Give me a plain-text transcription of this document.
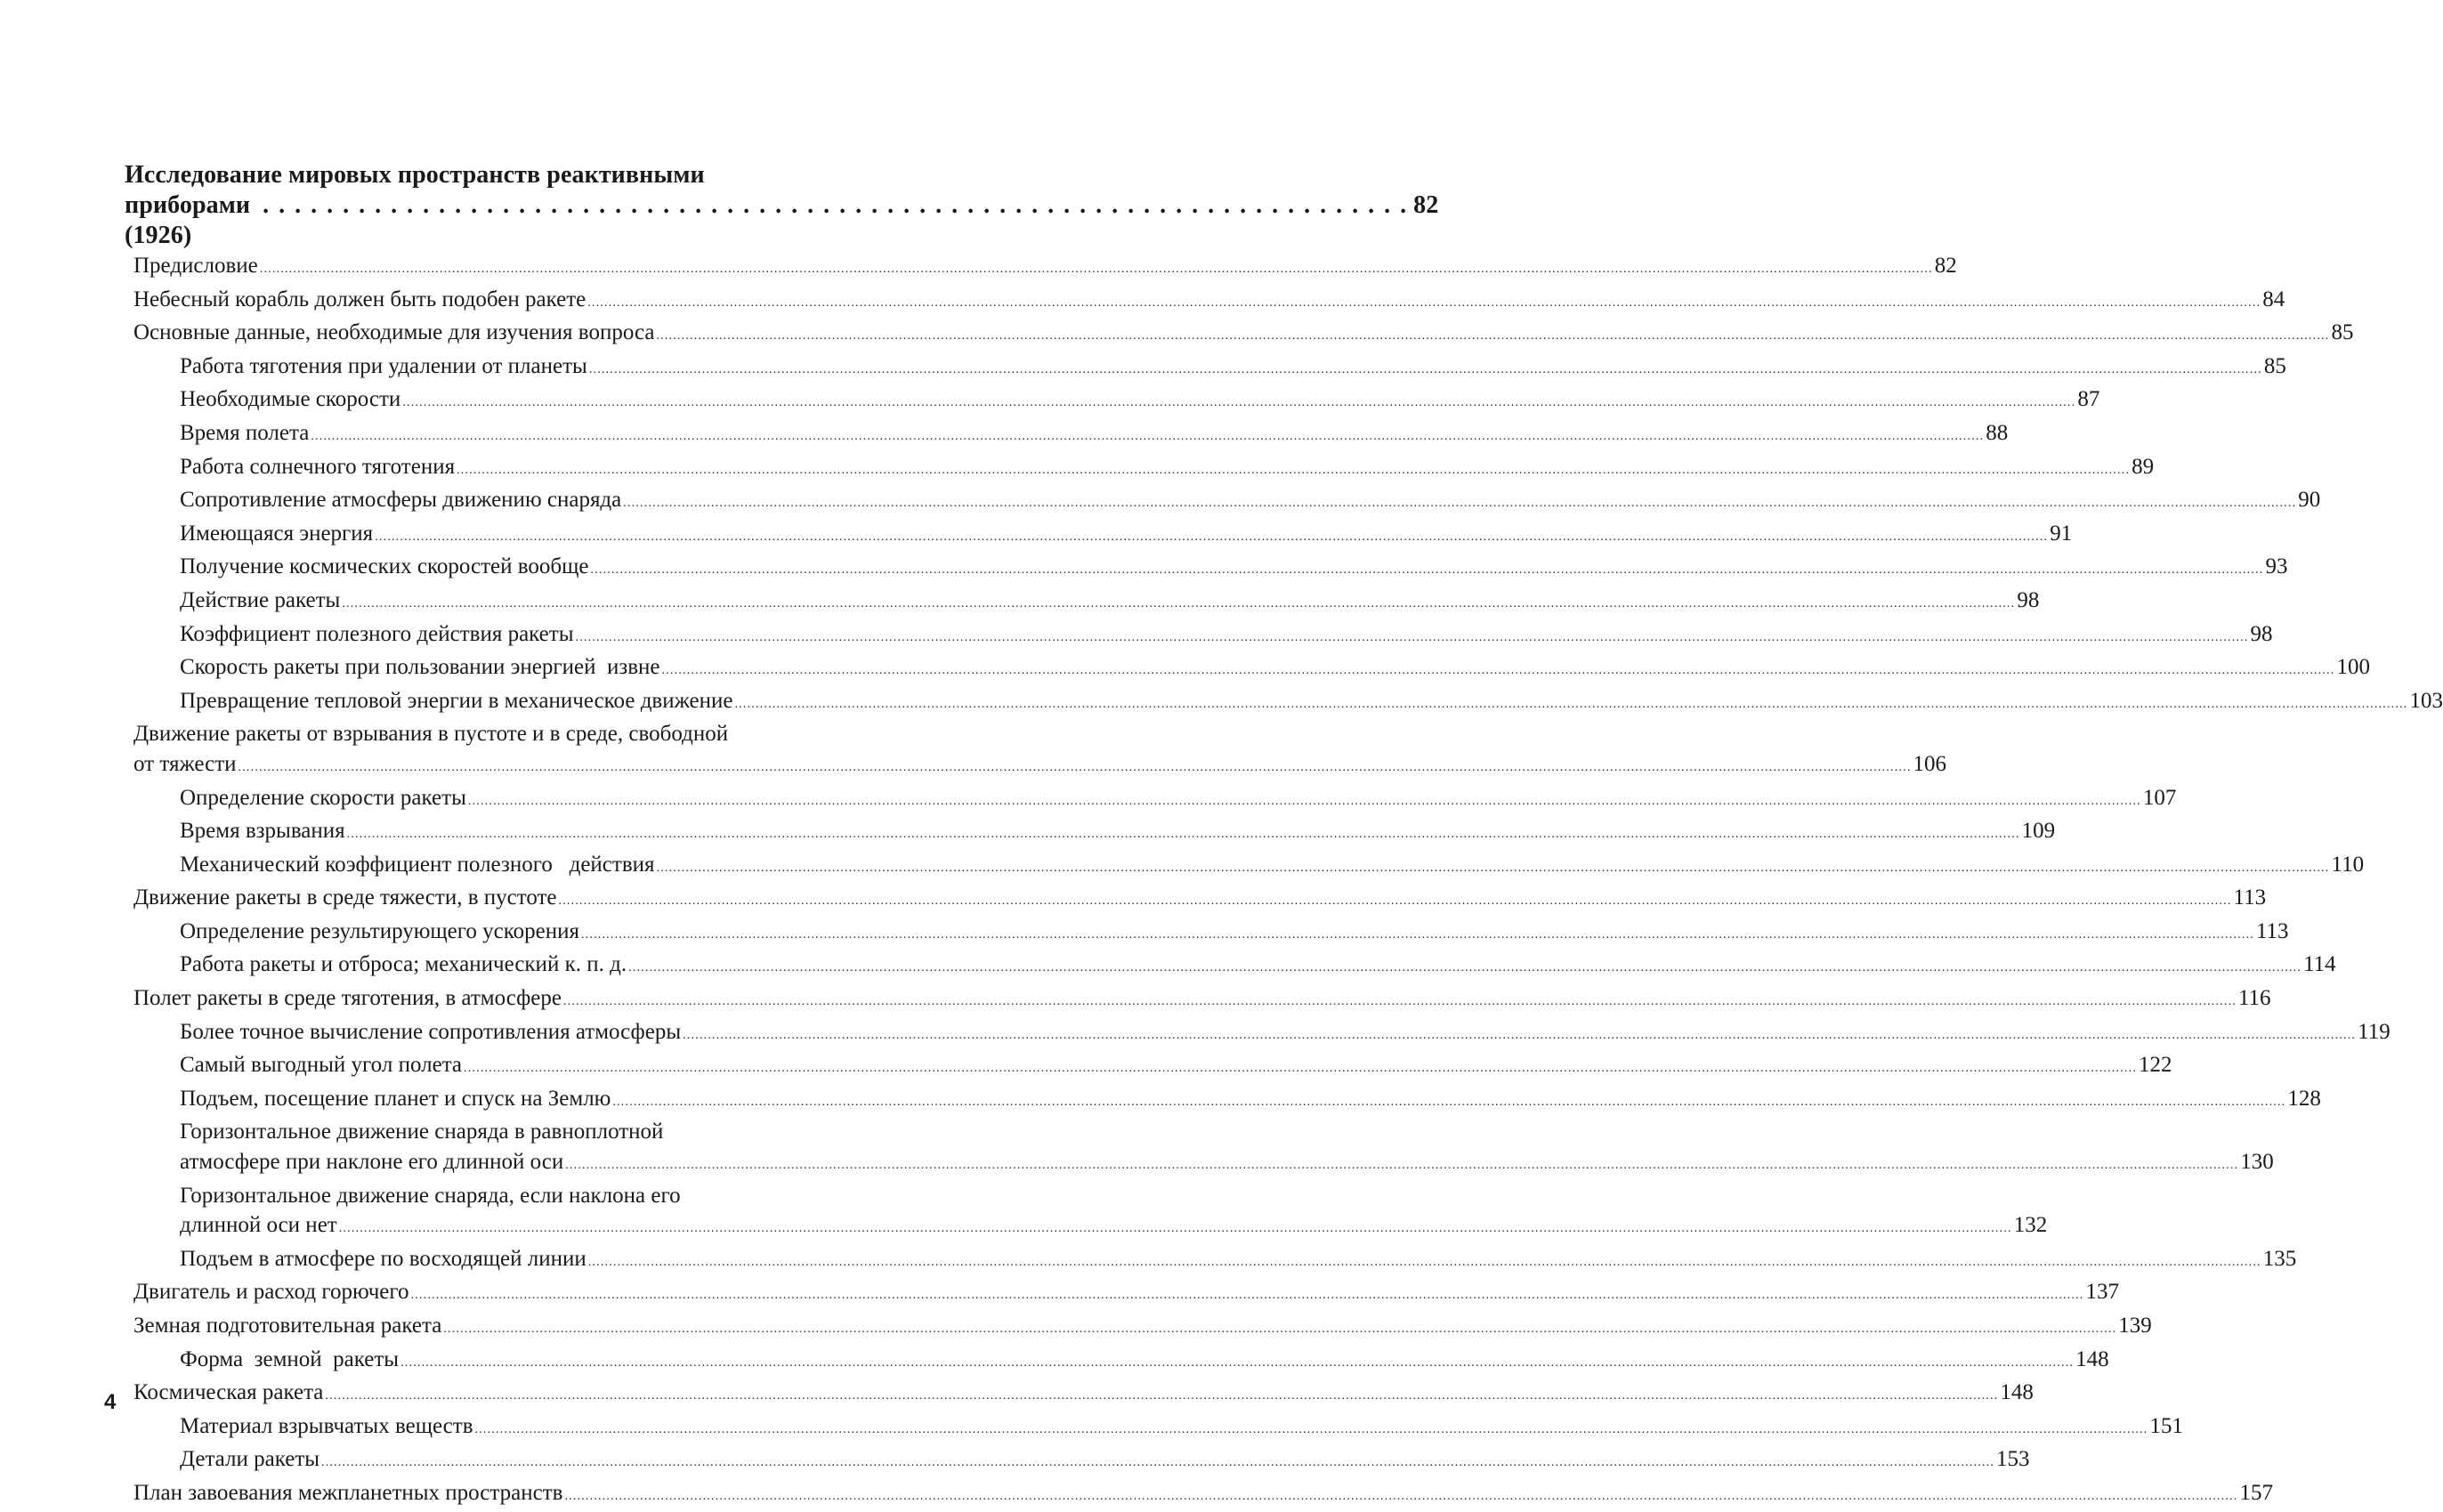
Исследование мировых пространств реактивными
приборами (1926)
. . . . . . . . . . . . . . . . . . . . . . . . . . . . . . . . . . . . . . . . . . . . . . . . . . . . . . . . . . . . . . . . . . . . . . . . 82
Предисловие ................................................................................................................................................................................................................................................................................................................................................................................................................ 82
Небесный корабль должен быть подобен ракете ................................................................................................................................................................................................................................................................................................................................................................................................................ 84
Основные данные, необходимые для изучения вопроса ................................................................................................................................................................................................................................................................................................................................................................................................................ 85
Работа тяготения при удалении от планеты ................................................................................................................................................................................................................................................................................................................................................................................................................ 85
Необходимые скорости ................................................................................................................................................................................................................................................................................................................................................................................................................ 87
Время полета ................................................................................................................................................................................................................................................................................................................................................................................................................ 88
Работа солнечного тяготения ................................................................................................................................................................................................................................................................................................................................................................................................................ 89
Сопротивление атмосферы движению снаряда ................................................................................................................................................................................................................................................................................................................................................................................................................ 90
Имеющаяся энергия ................................................................................................................................................................................................................................................................................................................................................................................................................ 91
Получение космических скоростей вообще ................................................................................................................................................................................................................................................................................................................................................................................................................ 93
Действие ракеты ................................................................................................................................................................................................................................................................................................................................................................................................................ 98
Коэффициент полезного действия ракеты ................................................................................................................................................................................................................................................................................................................................................................................................................ 98
Скорость ракеты при пользовании энергией  извне ................................................................................................................................................................................................................................................................................................................................................................................................................ 100
Превращение тепловой энергии в механическое движение ................................................................................................................................................................................................................................................................................................................................................................................................................ 103
Движение ракеты от взрывания в пустоте и в среде, свободной
от тяжести ................................................................................................................................................................................................................................................................................................................................................................................................................ 106
Определение скорости ракеты ................................................................................................................................................................................................................................................................................................................................................................................................................ 107
Время взрывания ................................................................................................................................................................................................................................................................................................................................................................................................................ 109
Механический коэффициент полезного   действия ................................................................................................................................................................................................................................................................................................................................................................................................................ 110
Движение ракеты в среде тяжести, в пустоте ................................................................................................................................................................................................................................................................................................................................................................................................................ 113
Определение результирующего ускорения ................................................................................................................................................................................................................................................................................................................................................................................................................ 113
Работа ракеты и отброса; механический к. п. д. ................................................................................................................................................................................................................................................................................................................................................................................................................ 114
Полет ракеты в среде тяготения, в атмосфере ................................................................................................................................................................................................................................................................................................................................................................................................................ 116
Более точное вычисление сопротивления атмосферы ................................................................................................................................................................................................................................................................................................................................................................................................................ 119
Самый выгодный угол полета ................................................................................................................................................................................................................................................................................................................................................................................................................ 122
Подъем, посещение планет и спуск на Землю ................................................................................................................................................................................................................................................................................................................................................................................................................ 128
Горизонтальное движение снаряда в равноплотной
атмосфере при наклоне его длинной оси ................................................................................................................................................................................................................................................................................................................................................................................................................ 130
Горизонтальное движение снаряда, если наклона его
длинной оси нет ................................................................................................................................................................................................................................................................................................................................................................................................................ 132
Подъем в атмосфере по восходящей линии ................................................................................................................................................................................................................................................................................................................................................................................................................ 135
Двигатель и расход горючего ................................................................................................................................................................................................................................................................................................................................................................................................................ 137
Земная подготовительная ракета ................................................................................................................................................................................................................................................................................................................................................................................................................ 139
Форма  земной  ракеты ................................................................................................................................................................................................................................................................................................................................................................................................................ 148
Космическая ракета ................................................................................................................................................................................................................................................................................................................................................................................................................ 148
Материал взрывчатых веществ ................................................................................................................................................................................................................................................................................................................................................................................................................ 151
Детали ракеты ................................................................................................................................................................................................................................................................................................................................................................................................................ 153
План завоевания межпланетных пространств ................................................................................................................................................................................................................................................................................................................................................................................................................ 157
4
